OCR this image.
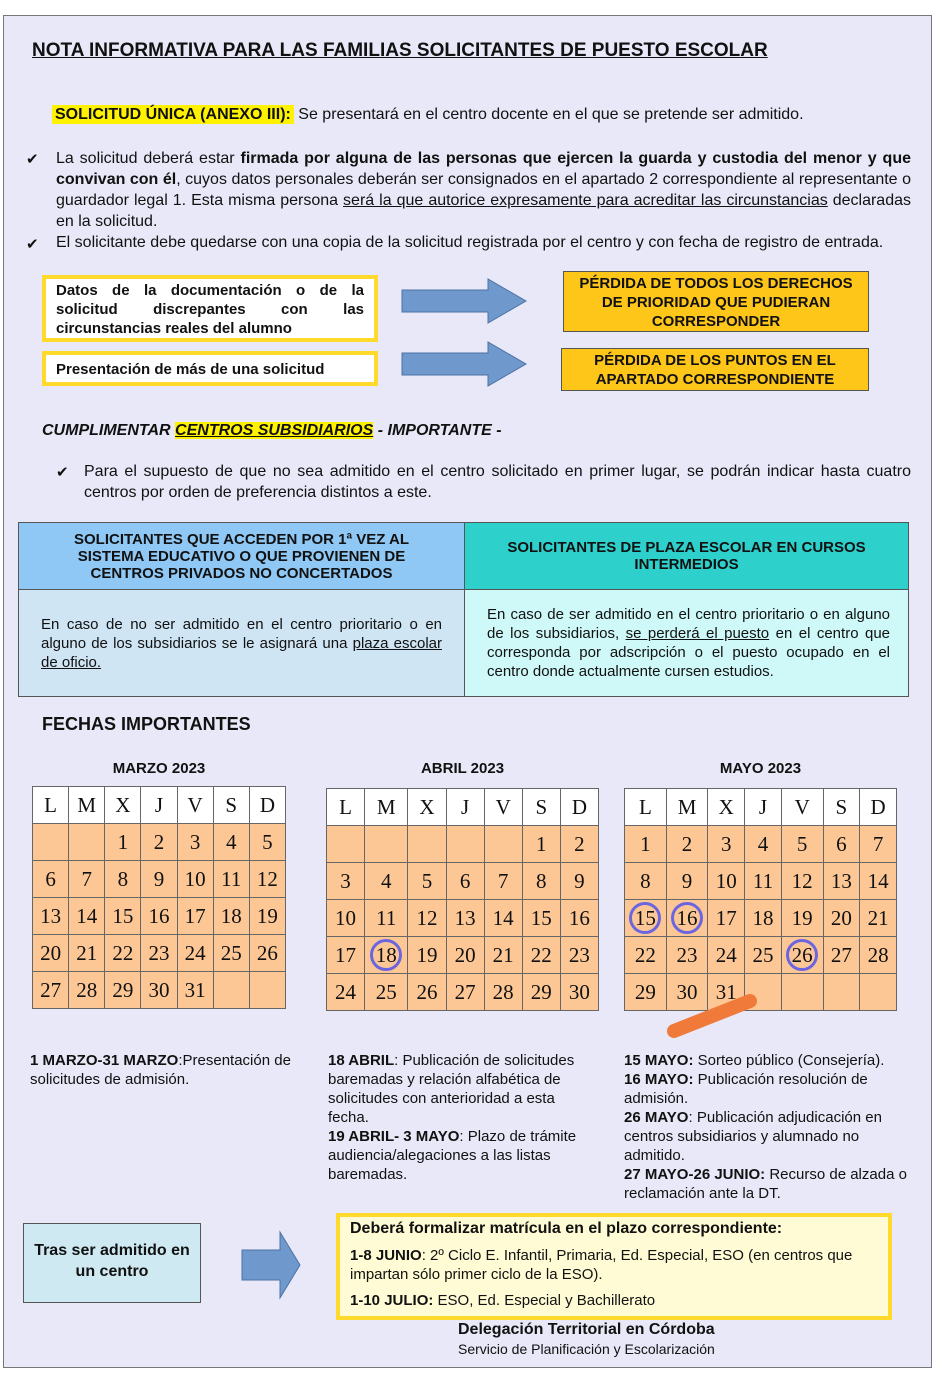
NOTA INFORMATIVA PARA LAS FAMILIAS SOLICITANTES DE PUESTO ESCOLAR
SOLICITUD ÚNICA (ANEXO III): Se presentará en el centro docente en el que se pretende ser admitido.
✔ La solicitud deberá estar firmada por alguna de las personas que ejercen la guarda y custodia del menor y que convivan con él, cuyos datos personales deberán ser consignados en el apartado 2 correspondiente al representante o guardador legal 1. Esta misma persona será la que autorice expresamente para acreditar las circunstancias declaradas en la solicitud.
✔ El solicitante debe quedarse con una copia de la solicitud registrada por el centro y con fecha de registro de entrada.
Datos de la documentación o de la solicitud discrepantes con las circunstancias reales del alumno
Presentación de más de una solicitud
PÉRDIDA DE TODOS LOS DERECHOS DE PRIORIDAD QUE PUDIERAN CORRESPONDER
PÉRDIDA DE LOS PUNTOS EN EL APARTADO CORRESPONDIENTE
CUMPLIMENTAR CENTROS SUBSIDIARIOS - IMPORTANTE -
✔ Para el supuesto de que no sea admitido en el centro solicitado en primer lugar, se podrán indicar hasta cuatro centros por orden de preferencia distintos a este.
SOLICITANTES QUE ACCEDEN POR 1ª VEZ AL SISTEMA EDUCATIVO O QUE PROVIENEN DE CENTROS PRIVADOS NO CONCERTADOS	SOLICITANTES DE PLAZA ESCOLAR EN CURSOS INTERMEDIOS
En caso de no ser admitido en el centro prioritario o en alguno de los subsidiarios se le asignará una plaza escolar de oficio.	En caso de ser admitido en el centro prioritario o en alguno de los subsidiarios, se perderá el puesto en el centro que corresponda por adscripción o el puesto ocupado en el centro donde actualmente cursen estudios.
FECHAS IMPORTANTES
MARZO 2023	ABRIL 2023	MAYO 2023
L	M	X	J	V	S	D
		1	2	3	4	5
6	7	8	9	10	11	12
13	14	15	16	17	18	19
20	21	22	23	24	25	26
27	28	29	30	31		
L	M	X	J	V	S	D
					1	2
3	4	5	6	7	8	9
10	11	12	13	14	15	16
17	18	19	20	21	22	23
24	25	26	27	28	29	30
L	M	X	J	V	S	D
1	2	3	4	5	6	7
8	9	10	11	12	13	14
15	16	17	18	19	20	21
22	23	24	25	26	27	28
29	30	31				
1 MARZO-31 MARZO:Presentación de solicitudes de admisión.
18 ABRIL: Publicación de solicitudes baremadas y relación alfabética de solicitudes con anterioridad a esta fecha.
19 ABRIL- 3 MAYO: Plazo de trámite audiencia/alegaciones a las listas baremadas.
15 MAYO: Sorteo público (Consejería).
16 MAYO: Publicación resolución de admisión.
26 MAYO: Publicación adjudicación en centros subsidiarios y alumnado no admitido.
27 MAYO-26 JUNIO: Recurso de alzada o reclamación ante la DT.
Tras ser admitido en un centro
Deberá formalizar matrícula en el plazo correspondiente:
1-8 JUNIO: 2º Ciclo E. Infantil, Primaria, Ed. Especial, ESO (en centros que impartan sólo primer ciclo de la ESO).
1-10 JULIO: ESO, Ed. Especial y Bachillerato
Delegación Territorial en Córdoba
Servicio de Planificación y Escolarización
